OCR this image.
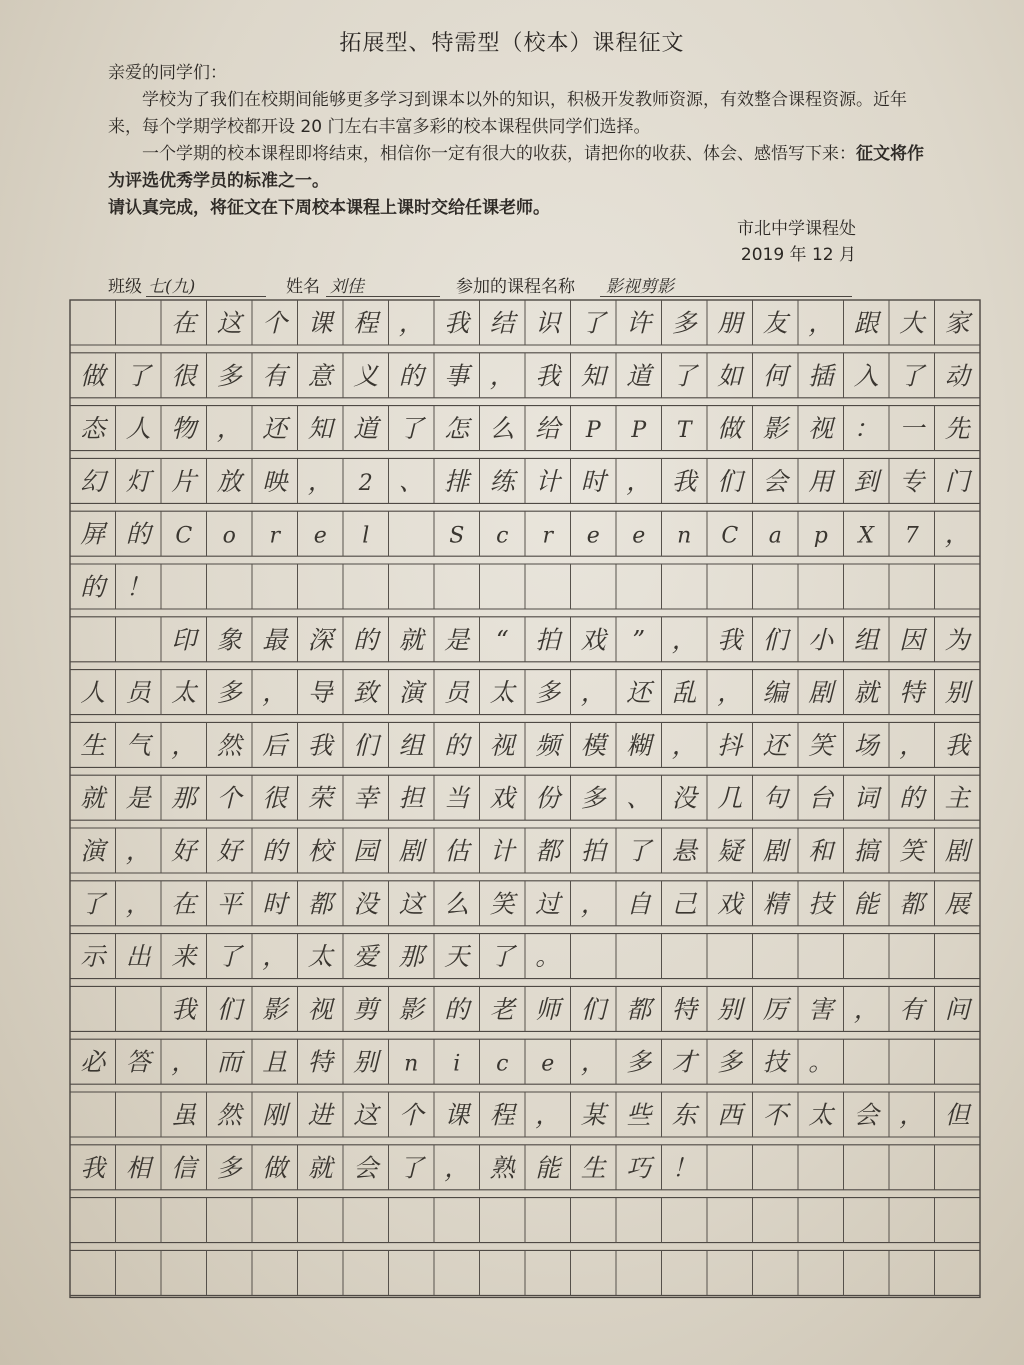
拓展型、特需型（校本）课程征文

亲爱的同学们：

学校为了我们在校期间能够更多学习到课本以外的知识，积极开发教师资源，有效整合课程资源。近年来，每个学期学校都开设 20 门左右丰富多彩的校本课程供同学们选择。

一个学期的校本课程即将结束，相信你一定有很大的收获，请把你的收获、体会、感悟写下来：征文将作为评选优秀学员的标准之一。

请认真完成，将征文在下周校本课程上课时交给任课老师。

市北中学课程处
2019 年 12 月
班级 七(九)	姓名 刘佳	参加的课程名称 影视剪影
在 这 个 课 程 ， 我 结 识 了 许 多 朋 友 ， 跟 大 家
做 了 很 多 有 意 义 的 事 ， 我 知 道 了 如 何 插 入 了 动
态 人 物 ， 还 知 道 了 怎 么 给 P P T 做 影 视 ： 一 先
幻 灯 片 放 映 ， 2 、 排 练 计 时 ， 我 们 会 用 到 专 门
屏 的 C o r e l	S c r e e n C a p X 7 ，
的 ！
印 象 最 深 的 就 是 “ 拍 戏 ” ， 我 们 小 组 因 为
人 员 太 多 ， 导 致 演 员 太 多 ， 还 乱 ， 编 剧 就 特 别
生 气 ， 然 后 我 们 组 的 视 频 模 糊 ， 抖 还 笑 场 ， 我
就 是 那 个 很 荣 幸 担 当 戏 份 多 、 没 几 句 台 词 的 主
演 ， 好 好 的 校 园 剧 估 计 都 拍 了 悬 疑 剧 和 搞 笑 剧
了 ， 在 平 时 都 没 这 么 笑 过 ， 自 己 戏 精 技 能 都 展
示 出 来 了 ， 太 爱 那 天 了 。
我 们 影 视 剪 影 的 老 师 们 都 特 别 厉 害 ， 有 问
必 答 ， 而 且 特 别 n i c e ， 多 才 多 技 。
虽 然 刚 进 这 个 课 程 ， 某 些 东 西 不 太 会 ， 但
我 相 信 多 做 就 会 了 ， 熟 能 生 巧 ！
